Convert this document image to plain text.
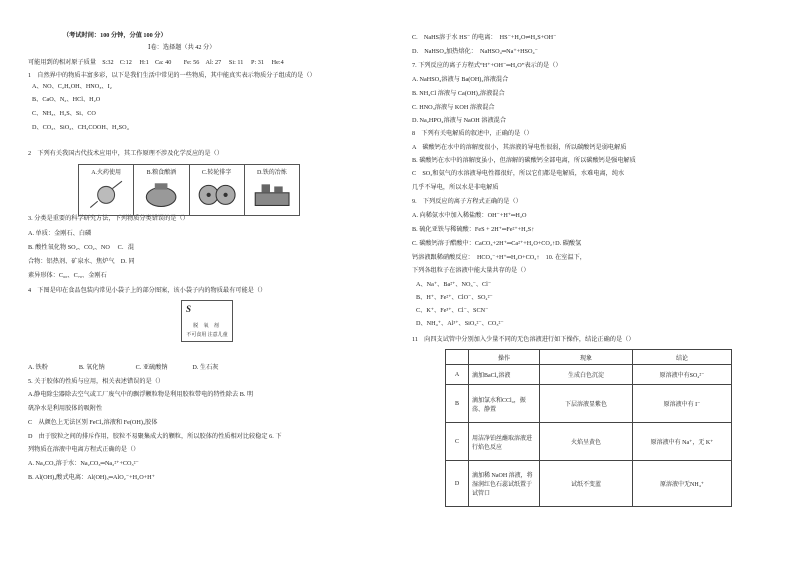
（考试时间：100 分钟，分值 100 分）
Ⅰ卷：选择题（共 42 分）
可能用到的相对原子质量　S:32　C:12　 H:1　Ca: 40　　Fe: 56　Al: 27　 Si: 11　 P: 31　 He:4
1　自然界中的物质丰富多彩，以下是我们生活中常见的一些物质，其中能真实表示物质分子组成的是（）
A、NO、C₂H₅OH、HNO₃、I₂
B、CaO、N₂、HCl、H₂O
C、NH₃、H₂S、Si、CO
D、CO₂、SiO₂、CH₃COOH、H₂SO₄
2　下列有关我国古代技术应用中，其工作原理不涉及化学反应的是（）
3. 分类是重要的科学研究方法，下列物质分类错误的是（）
A. 单质：金刚石、白磷
B. 酸性氧化物 SO₂、CO₂、NO　 C．混
合物：铝热剂、矿泉水、焦炉气　D. 同
素异形体：C₆₀、C₇₀、金刚石
4　下图是印在食品包装内常见小袋子上的部分图案，该小袋子内的物质最有可能是（）
A. 铁粉　　　　　B. 氧化钠　　　　　C. 亚硫酸钠　　　　D. 生石灰
5. 关于胶体的性质与应用，相关表述错误的是（）
A.静电除尘器除去空气或工厂废气中的飘浮颗粒物是利用胶粒带电的特性除去 B. 明
矾净水是利用胶体的吸附性
C　从颜色上无法区别 FeCl₃溶液和 Fe(OH)₃胶体
D　由于胶粒之间的排斥作用，胶粒不易聚集成大的颗粒，所以胶体的性质相对比较稳定 6. 下
列物质在溶液中电离方程式正确的是（）
A. Na₂CO₃溶于水：Na₂CO₃═Na₂²⁺+CO₃²⁻
B. Al(OH)₃酸式电离：Al(OH)₃═AlO₂⁻+H₂O+H⁺
C.　NaHS溶于水 HS⁻ 的电离：　HS⁻+H₂O⇌H₂S+OH⁻
D.　NaHSO₄加热熔化：　NaHSO₄═Na⁺+HSO₄⁻
7. 下列反应的离子方程式“H⁺+OH⁻═H₂O”表示的是（）
A. NaHSO₄溶液与 Ba(OH)₂溶液混合
B. NH₄Cl 溶液与 Ca(OH)₂溶液混合
C. HNO₃溶液与 KOH 溶液混合
D. Na₂HPO₄溶液与 NaOH 溶液混合
8　下列有关电解质的叙述中，正确的是（）
A　碳酸钙在水中的溶解度很小，其溶液的导电性很弱，所以碳酸钙是弱电解质
B. 碳酸钙在水中的溶解度虽小，但溶解的碳酸钙全部电离，所以碳酸钙是强电解质
C　SO₂和氨气的水溶液导电性都很好，所以它们都是电解质，水难电离，纯水
几乎不导电，所以水是非电解质
9.　下列反应的离子方程式正确的是（）
A. 向稀氨水中加入稀盐酸：OH⁻+H⁺═H₂O
B. 硫化亚铁与稀硫酸：FeS + 2H⁺═Fe²⁺+H₂S↑
C. 碳酸钙溶于醋酸中：CaCO₃+2H⁺═Ca²⁺+H₂O+CO₂↑D. 碳酸氢
钙溶液跟稀硝酸反应：　HCO₃⁻+H⁺═H₂O+CO₂↑　10. 在室温下，
下列各组粒子在溶液中能大量共存的是（）
A、Na⁺、Ba²⁺、NO₃⁻、Cl⁻
B、H⁺、Fe²⁺、ClO⁻、SO₄²⁻
C、K⁺、Fe³⁺、Cl⁻、SCN⁻
D、NH₄⁺、Al³⁺、SiO₃²⁻、CO₃²⁻
11　向四支试管中分别加入少量不同的无色溶液进行如下操作，结论正确的是（）
A.火药使用	B.粮食酿酒	C.转轮排字	D.铁的冶炼
S
脱 氧 剂
不可食用 注意儿童
	操作	现象	结论
A	滴加BaCl₂溶液	生成白色沉淀	原溶液中有SO₄²⁻
B	滴加氯水和CCl₄，振荡、静置	下层溶液显紫色	原溶液中有 I⁻
C	用洁净铂丝蘸取溶液进行焰色反应	火焰呈黄色	原溶液中有 Na⁺，无 K⁺
D	滴加稀 NaOH 溶液，将湿润红色石蕊试纸置于试管口	试纸不变蓝	原溶液中无NH₄⁺
